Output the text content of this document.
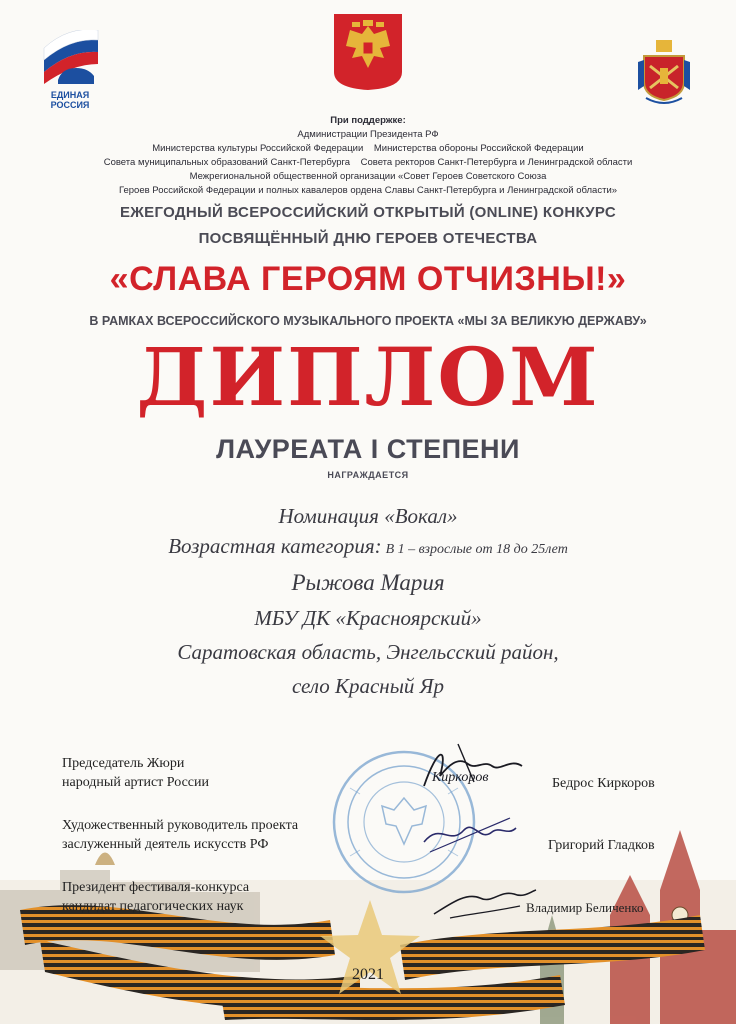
ЕДИНАЯ РОССИЯ
При поддержке:
Администрации Президента РФ
Министерства культуры Российской Федерации Министерства обороны Российской Федерации
Совета муниципальных образований Санкт-Петербурга Совета ректоров Санкт-Петербурга и Ленинградской области
Межрегиональной общественной организации «Совет Героев Советского Союза
Героев Российской Федерации и полных кавалеров ордена Славы Санкт-Петербурга и Ленинградской области»
ЕЖЕГОДНЫЙ ВСЕРОССИЙСКИЙ ОТКРЫТЫЙ (ONLINE) КОНКУРС
ПОСВЯЩЁННЫЙ ДНЮ ГЕРОЕВ ОТЕЧЕСТВА
«СЛАВА ГЕРОЯМ ОТЧИЗНЫ!»
В РАМКАХ ВСЕРОССИЙСКОГО МУЗЫКАЛЬНОГО ПРОЕКТА «МЫ ЗА ВЕЛИКУЮ ДЕРЖАВУ»
ДИПЛОМ
ЛАУРЕАТА I СТЕПЕНИ
НАГРАЖДАЕТСЯ
Номинация «Вокал»
Возрастная категория: В 1 – взрослые от 18 до 25лет
Рыжова Мария
МБУ ДК «Красноярский»
Саратовская область, Энгельсский район,
село Красный Яр
Председатель Жюри
народный артист России	Бедрос Киркоров
Художественный руководитель проекта
заслуженный деятель искусств РФ	Григорий Гладков
Президент фестиваля-конкурса
кандидат педагогических наук	Владимир Беличенко
Киркоров
2021
